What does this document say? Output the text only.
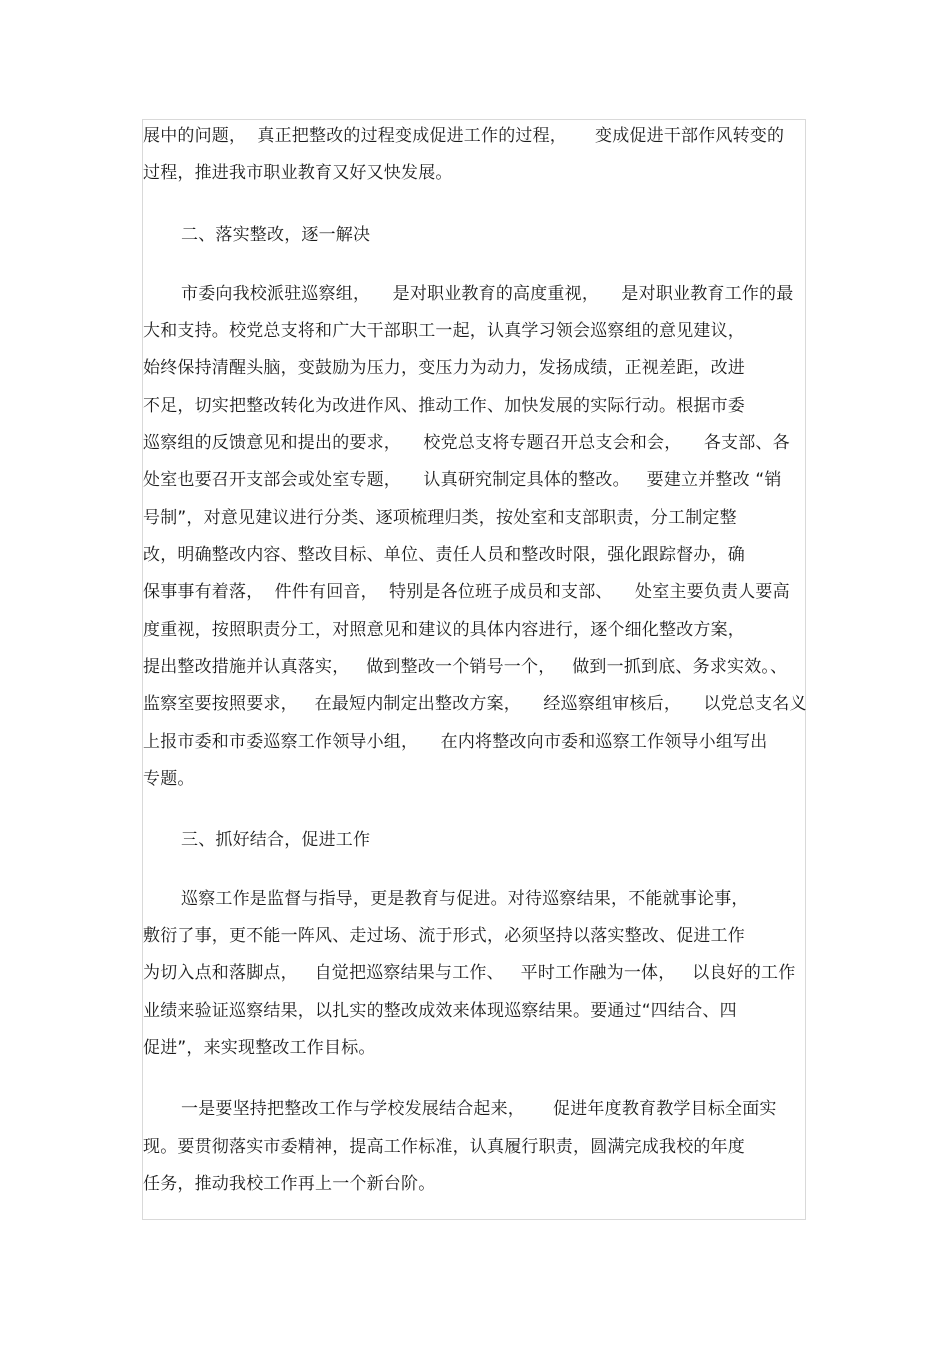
展中的问题，  真正把整改的过程变成促进工作的过程，     变成促进干部作风转变的
过程，推进我市职业教育又好又快发展。
二、落实整改，逐一解决
市委向我校派驻巡察组，    是对职业教育的高度重视，    是对职业教育工作的最
大和支持。校党总支将和广大干部职工一起，认真学习领会巡察组的意见建议，
始终保持清醒头脑，变鼓励为压力，变压力为动力，发扬成绩，正视差距，改进
不足，切实把整改转化为改进作风、推动工作、加快发展的实际行动。根据市委
巡察组的反馈意见和提出的要求，    校党总支将专题召开总支会和会，    各支部、各
处室也要召开支部会或处室专题，    认真研究制定具体的整改。   要建立并整改 “销
号制”，对意见建议进行分类、逐项梳理归类，按处室和支部职责，分工制定整
改，明确整改内容、整改目标、单位、责任人员和整改时限，强化跟踪督办，确
保事事有着落，  件件有回音，  特别是各位班子成员和支部、    处室主要负责人要高
度重视，按照职责分工，对照意见和建议的具体内容进行，逐个细化整改方案，
提出整改措施并认真落实，   做到整改一个销号一个，   做到一抓到底、务求实效。、
监察室要按照要求，   在最短内制定出整改方案，    经巡察组审核后，    以党总支名义
上报市委和市委巡察工作领导小组，    在内将整改向市委和巡察工作领导小组写出
专题。
三、抓好结合，促进工作
巡察工作是监督与指导，更是教育与促进。对待巡察结果，不能就事论事，
敷衍了事，更不能一阵风、走过场、流于形式，必须坚持以落实整改、促进工作
为切入点和落脚点，   自觉把巡察结果与工作、   平时工作融为一体，   以良好的工作
业绩来验证巡察结果，以扎实的整改成效来体现巡察结果。要通过“四结合、四
促进”，来实现整改工作目标。
一是要坚持把整改工作与学校发展结合起来，     促进年度教育教学目标全面实
现。要贯彻落实市委精神，提高工作标准，认真履行职责，圆满完成我校的年度
任务，推动我校工作再上一个新台阶。
